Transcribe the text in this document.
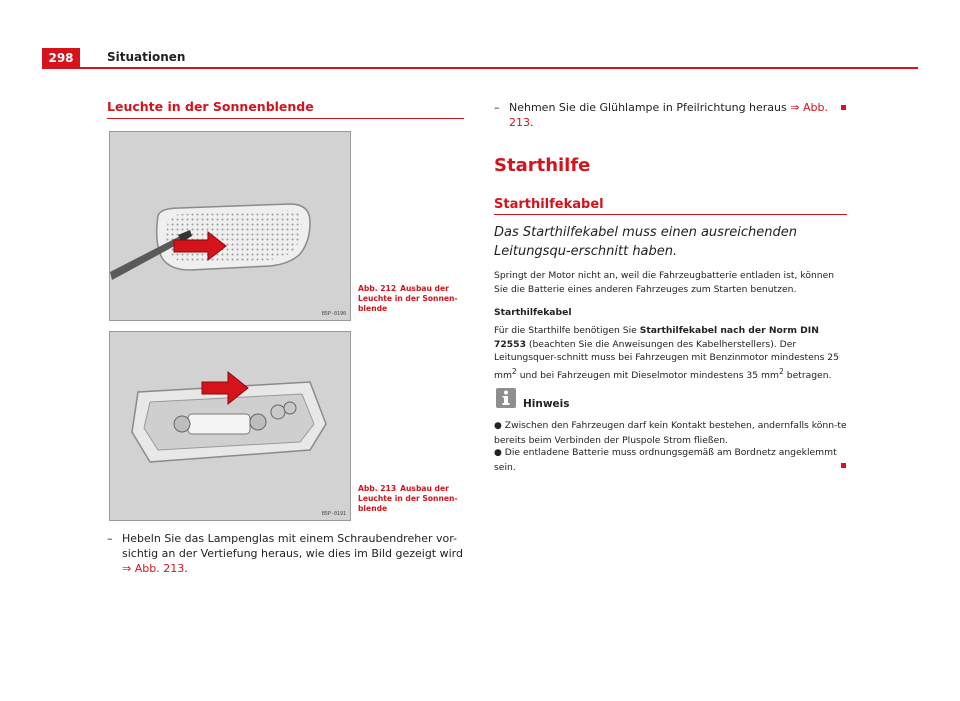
298	Situationen
Leuchte in der Sonnenblende
B5P-0190
Abb. 212 Ausbau der Leuchte in der Sonnen-blende
B5P-0191
Abb. 213 Ausbau der Leuchte in der Sonnen-blende
– Hebeln Sie das Lampenglas mit einem Schraubendreher vor-sichtig an der Vertiefung heraus, wie dies im Bild gezeigt wird ⇒ Abb. 213.
– Nehmen Sie die Glühlampe in Pfeilrichtung heraus ⇒ Abb. 213.
Starthilfe
Starthilfekabel
Das Starthilfekabel muss einen ausreichenden Leitungsqu-erschnitt haben.
Springt der Motor nicht an, weil die Fahrzeugbatterie entladen ist, können Sie die Batterie eines anderen Fahrzeuges zum Starten benutzen.
Starthilfekabel
Für die Starthilfe benötigen Sie Starthilfekabel nach der Norm DIN 72553 (beachten Sie die Anweisungen des Kabelherstellers). Der Leitungsquer-schnitt muss bei Fahrzeugen mit Benzinmotor mindestens 25 $mm^2$ und bei Fahrzeugen mit Dieselmotor mindestens 35 $mm^2$ betragen.
Hinweis
● Zwischen den Fahrzeugen darf kein Kontakt bestehen, andernfalls könn-te bereits beim Verbinden der Pluspole Strom fließen.
● Die entladene Batterie muss ordnungsgemäß am Bordnetz angeklemmt sein.
